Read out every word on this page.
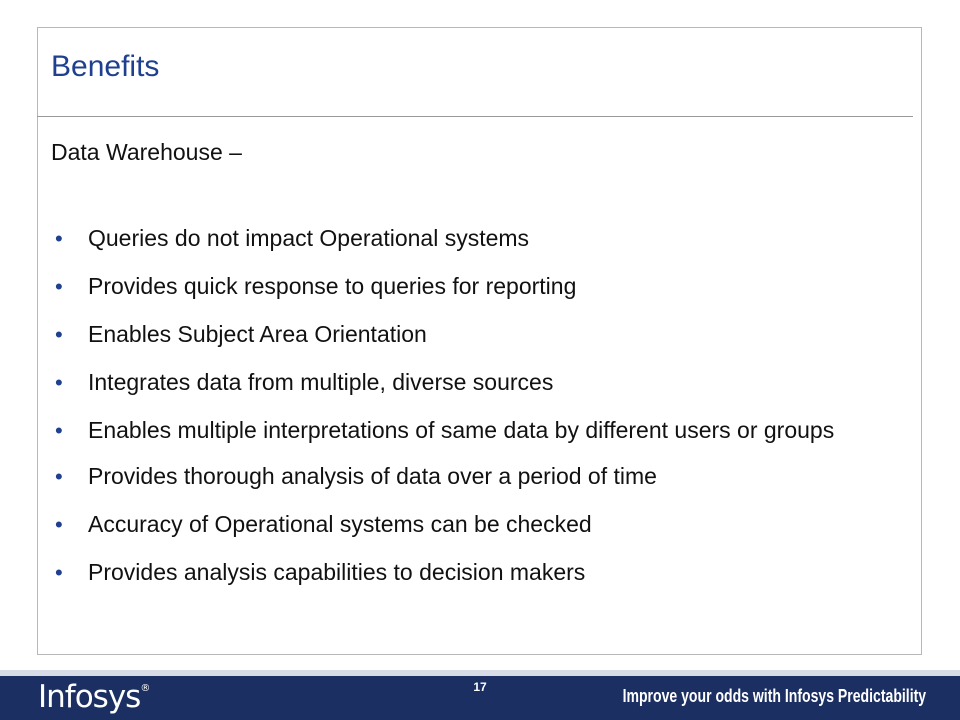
Benefits
Data Warehouse –
• Queries do not impact Operational systems
• Provides quick response to queries for reporting
• Enables Subject Area Orientation
• Integrates data from multiple, diverse sources
• Enables multiple interpretations of same data by different users or groups
• Provides thorough analysis of data over a period of time
• Accuracy of Operational systems can be checked
• Provides analysis capabilities to decision makers
Infosys®	17	Improve your odds with Infosys Predictability
